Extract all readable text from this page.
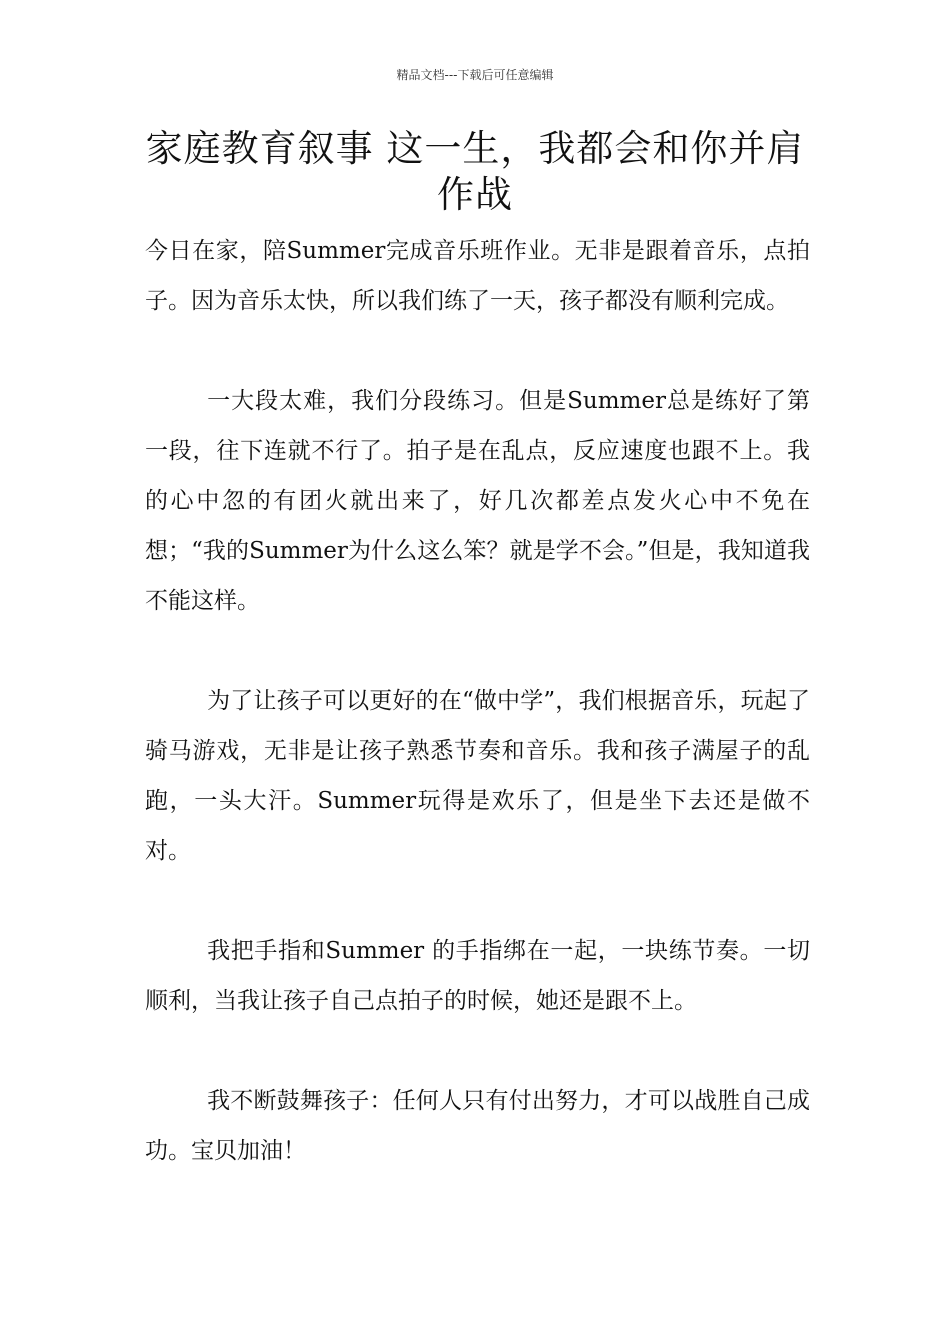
精品文档---下载后可任意编辑
家庭教育叙事 这一生，我都会和你并肩作战

今日在家，陪Summer完成音乐班作业。无非是跟着音乐，点拍子。因为音乐太快，所以我们练了一天，孩子都没有顺利完成。

一大段太难，我们分段练习。但是Summer总是练好了第一段，往下连就不行了。拍子是在乱点，反应速度也跟不上。我的心中忽的有团火就出来了，好几次都差点发火心中不免在想；“我的Summer为什么这么笨？就是学不会。”但是，我知道我不能这样。

为了让孩子可以更好的在“做中学”，我们根据音乐，玩起了骑马游戏，无非是让孩子熟悉节奏和音乐。我和孩子满屋子的乱跑，一头大汗。Summer玩得是欢乐了，但是坐下去还是做不对。

我把手指和Summer 的手指绑在一起，一块练节奏。一切顺利，当我让孩子自己点拍子的时候，她还是跟不上。

我不断鼓舞孩子：任何人只有付出努力，才可以战胜自己成功。宝贝加油！
